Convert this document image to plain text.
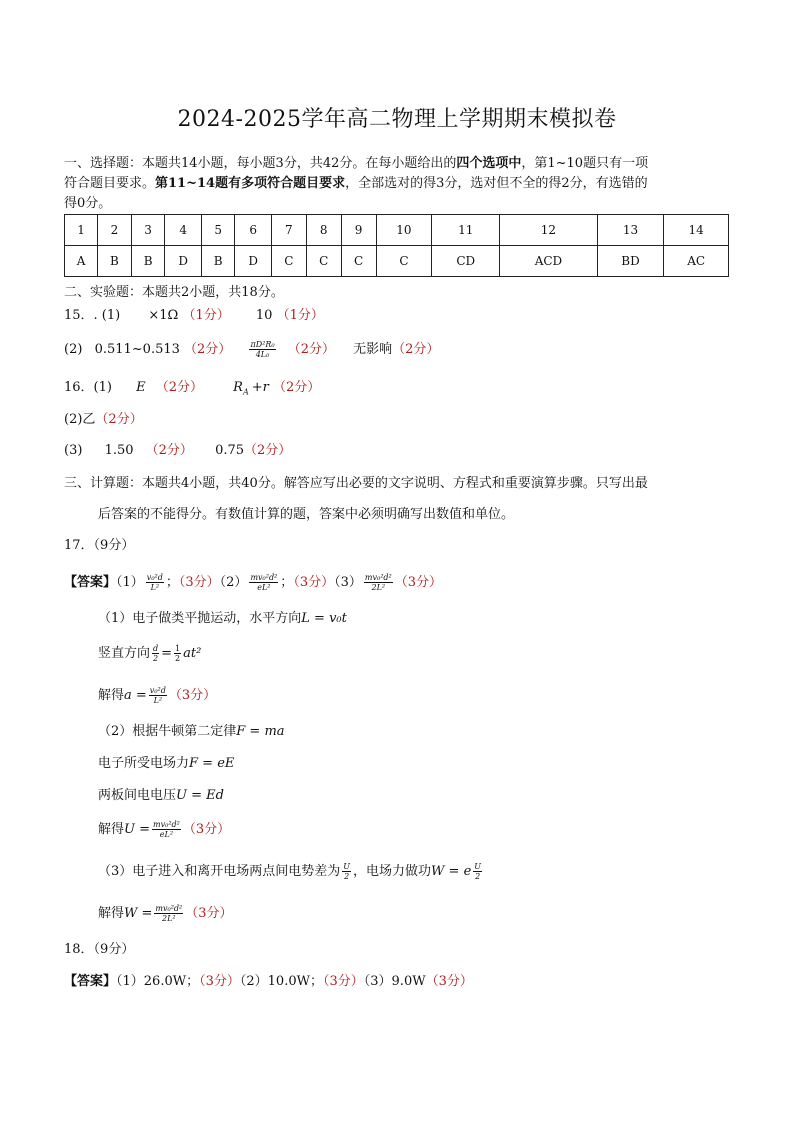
2024-2025学年高二物理上学期期末模拟卷
一、选择题：本题共14小题，每小题3分，共42分。在每小题给出的四个选项中，第1~10题只有一项
符合题目要求。第11~14题有多项符合题目要求，全部选对的得3分，选对但不全的得2分，有选错的
得0分。
1	2	3	4	5	6	7	8	9	10	11	12	13	14
A	B	B	D	B	D	C	C	C	C	CD	ACD	BD	AC
二、实验题：本题共2小题，共18分。
15．. (1) ×1Ω （1分） 10 （1分）
(2) 0.511~0.513 （2分） $\frac{\text{πD²R₀}}{\text{4L₀}} (2$分） 无影响（2分）
16．(1) E （2分） $R_A +r$ （2分）
(2)乙（2分）
(3) 1.50 （2分） 0.75（2分）
三、计算题：本题共4小题，共40分。解答应写出必要的文字说明、方程式和重要演算步骤。只写出最
后答案的不能得分。有数值计算的题，答案中必须明确写出数值和单位。
17．（9分）
【答案】$(1) \frac{\text{v₀²d}}{\text{L²}}$ ；（3分）$(2) \frac{\text{mv₀²d²}}{\text{eL²}}$ ；（3分）$(3) \frac{\text{mv₀²d²}}{\text{2L²}} (3$分）
（1）电子做类平抛运动，水平方向L = v₀t
竖直方向 $\frac{d}{2} = \frac{1}{2} at^2$
解得$a = \frac{\text{v₀²d}}{\text{L²}} (3$分）
（2）根据牛顿第二定律F = ma
电子所受电场力F = eE
两板间电电压U = Ed
解得$U = \frac{\text{mv₀²d²}}{\text{eL²}} (3$分）
（3）电子进入和离开电场两点间电势差为 $\frac{U}{2}$ ，电场力做功W = e $\frac{U}{2}$
解得$W = \frac{\text{mv₀²d²}}{\text{2L²}} (3$分）
18．（9分）
【答案】（1）26.0W；（3分）（2）10.0W；（3分）（3）9.0W（3分）
